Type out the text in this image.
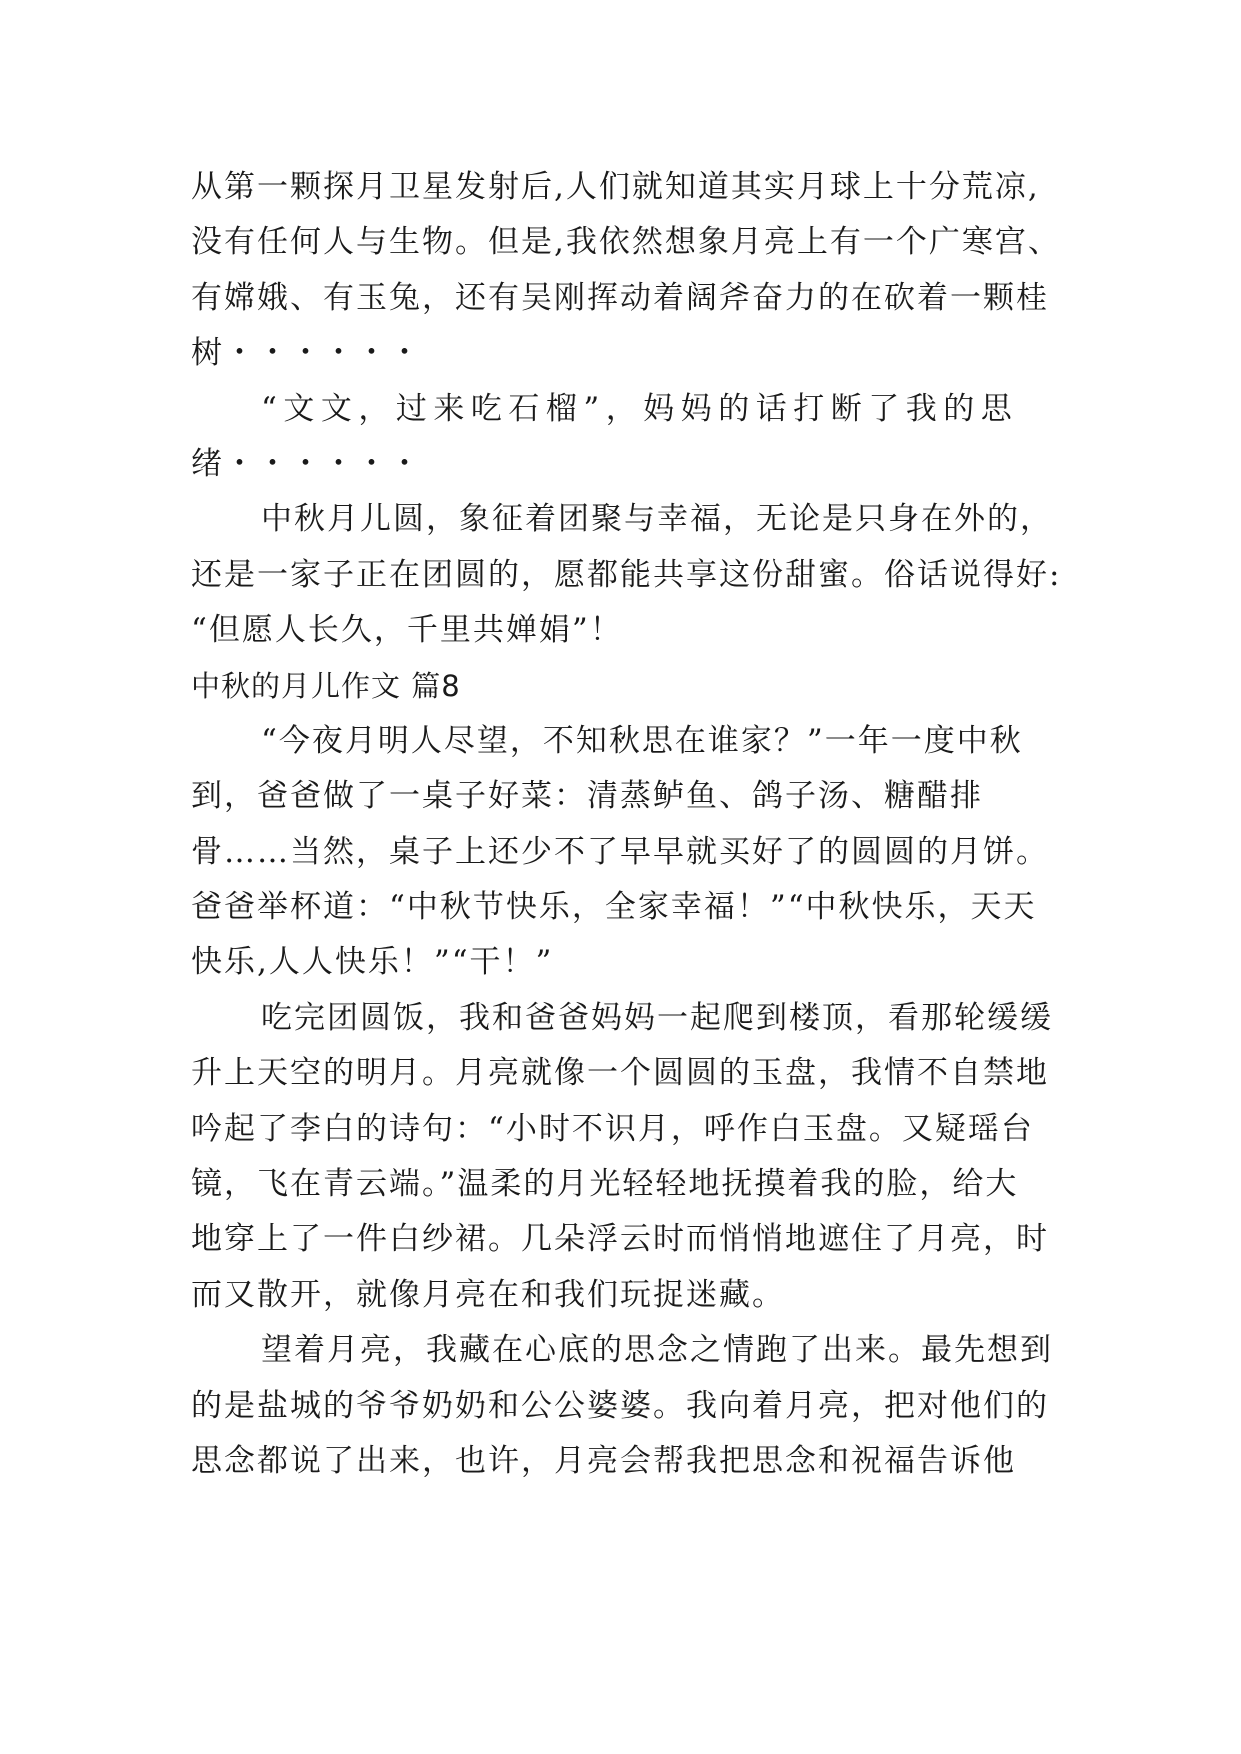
从第一颗探月卫星发射后,人们就知道其实月球上十分荒凉,
没有任何人与生物。但是,我依然想象月亮上有一个广寒宫、
有嫦娥、有玉兔，还有吴刚挥动着阔斧奋力的在砍着一颗桂
树・・・・・・
“文文，过来吃石榴”，妈妈的话打断了我的思
绪・・・・・・
中秋月儿圆，象征着团聚与幸福，无论是只身在外的，
还是一家子正在团圆的，愿都能共享这份甜蜜。俗话说得好:
“但愿人长久，千里共婵娟”！
中秋的月儿作文 篇8
“今夜月明人尽望，不知秋思在谁家？”一年一度中秋
到，爸爸做了一桌子好菜：清蒸鲈鱼、鸽子汤、糖醋排
骨……当然，桌子上还少不了早早就买好了的圆圆的月饼。
爸爸举杯道：“中秋节快乐，全家幸福！”“中秋快乐，天天
快乐,人人快乐！”“干！”
吃完团圆饭，我和爸爸妈妈一起爬到楼顶，看那轮缓缓
升上天空的明月。月亮就像一个圆圆的玉盘，我情不自禁地
吟起了李白的诗句：“小时不识月，呼作白玉盘。又疑瑶台
镜，飞在青云端。”温柔的月光轻轻地抚摸着我的脸，给大
地穿上了一件白纱裙。几朵浮云时而悄悄地遮住了月亮，时
而又散开，就像月亮在和我们玩捉迷藏。
望着月亮，我藏在心底的思念之情跑了出来。最先想到
的是盐城的爷爷奶奶和公公婆婆。我向着月亮，把对他们的
思念都说了出来，也许，月亮会帮我把思念和祝福告诉他
